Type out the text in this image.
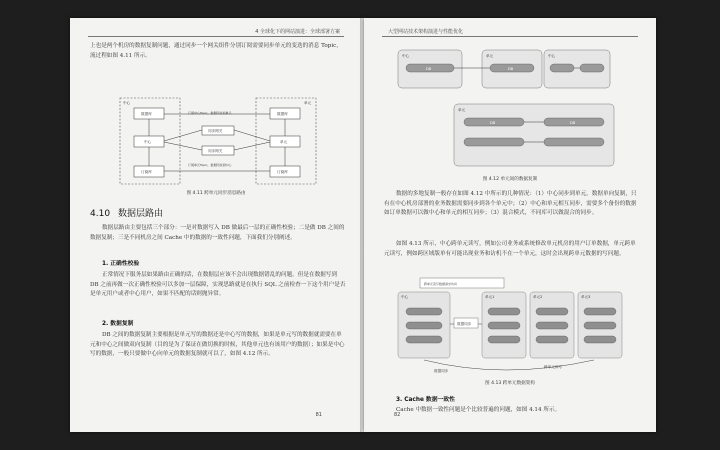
4 全球化下的网站演进：全球部署方案
上也是两个机房的数据复制问题，通过同步一个网关组件分别订阅需要同步单元的变迭的消息 Topic，流过程如图 4.11 所示。
中心	单元
数据库
中心
订阅库
数据库
单元
订阅库
同步网关
同步网关
订阅中心Topic，数据同步到单元
订阅单元Topic，数据同步到中心
图 4.11 跨单元同步消息路由
4.10 数据层路由
数据层路由主要包括三个部分：一是对数据写入 DB 做最后一层的正确性校验；二是做 DB 之间的数据复制；三是不同机房之间 Cache 中的数据的一致性问题，下面我们分别阐述。
1. 正确性校验
正常情况下服务层如果路由正确的话，在数据层应该不会出现数据错乱的问题。但是在数据写到 DB 之前再做一次正确性校验可以多加一层保障，实现思路就是在执行 SQL 之前检查一下这个用户是否是单元用户或者中心用户，如果不匹配的话则抛异常。
2. 数据复制
DB 之间的数据复制主要根据是单元写的数据还是中心写的数据，如果是单元写的数据就需要在单元和中心之间做双向复制（目的是为了保证在做切换的时候，其他单元也有该用户的数据）；如果是中心写的数据，一般只要做中心向单元的数据复制就可以了，如图 4.12 所示。
81
大型网站技术架构演进与性能优化
中心	单元	中心
单元
DB	DB
DB	DB
图 4.12 单元间的数据复制
数据的多地复制一般存在如图 4.12 中所示的几种情况：（1）中心同步到单元，数据单向复制，只有在中心机房部署的业务数据需要同步到各个单元中；（2）中心和单元相互同步，需要多个备份的数据如订单数据可以做中心和单元的相互同步；（3）混合模式，不同库可以做混合的同步。
如图 4.13 所示，中心跨单元读写，例如公司业务或系统修改单元机房的用户订单数据，单元跨单元读写，例如跨区域版单有可能出现业务和访机不在一个单元，这时会出现跨单元数据的写问题。
跨单元读写数据请求访问
中心	单元1	单元2	单元3
数据同步
数据同步
跨单元读写
图 4.13 跨单元数据架构
3. Cache 数据一致性
Cache 中数据一致性问题是个比较普遍的问题，如图 4.14 所示。
82
